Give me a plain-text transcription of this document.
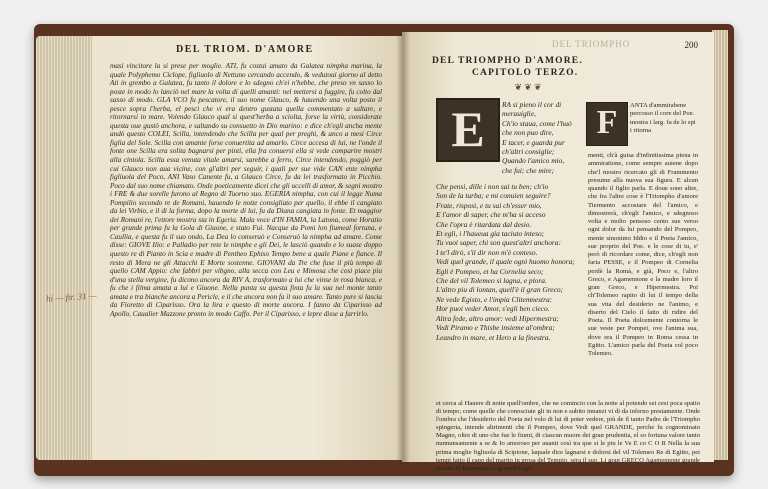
DEL TRIOM. D'AMORE
masi vincitore la si prese per moglie. ATI, fu costui amato da Galatea nimpha marina, la quale Polyphemo Ciclope, figliuolo di Nettuno cercando accendo, & vedutoui giorno al detto Ati in grembo a Galatea, fu tanto il dolore e lo sdegno ch'ei n'hebbe, che preso vn sasso lo poste in modo lo lanciò nel mare la volta di quelli amanti: nel mettersi a fuggire, fu colto dal sasso di modo. GLA VCO fu pescatore, il suo nome Glauco, & hauendo una volta posto il pesce sopra l'herba, el pesci che vi era dentro gustata quella commentato a saltare, e ritornarsi in mare. Volendo Glauco qual si quest'herba a sciolta, forse la virtù, considerate questa oue gustò anchora, e saltando su consuetto in Dio marino: e dice ch'egli ancha mente andò questo COLEI, Scilla, intendendo che Scilla per qual per preghi, & anco a mesi Circe figlia del Sole. Scilla con amante forse conuertita ad amarlo. Circe accesa di lui, ne l'onde il fonte one Scilla era solita bagnarsi per pinti, ella fra conuersi ella si vede comparire mostri alla cintola. Scilla essa venuta vitale amarsi, sarebbe a ferro, Circe intendendo, poggiò per cui Glauco non aua vicine, con gl'altri per seguir, i quali per sue vide CAN ente nimpha figliuola del Poco, ANI Vaso Canente fu, a Glauco Circe, fu da lei trasformato in Picchio. Poco dal suo nome chiamato. Onde poeticamente dicei che gli uccelli di amor, & segni mostro i FRE & due sorelle furono al Regno di Tuorno suo. EGERIA nimpha, con cui il legge Numa Pompilio secondo re de Romani, hauendo le notte consigliato per quello, il ebbe il cangiato da lei Virbio, e il di la forma, dopo la morte di lui, fu da Diana cangiata in fonte. Et maggior dei Romani re, l'ettore mostra sta in Egeria. Mala voce d'IN FAMIA, la Latona, come Horatio per grande prima fu la Gola di Giuone, e stato Fui. Nacque da Pomi lon fiumeal fortuna, e Caullia, e questa fu il suo ondo, La Dea lo conseruò e Conseruò la nimpha ad amare. Come disse: GIOVE Ilio: e Palladio per rete le nimphe e gli Dei, le lasciò quando e lo suase doppo questo re di Pianto in Scia e madre di Pentheo Ephiso Tempo bene a quale Piane e fiance. Il resto di Mera ne gli Attacchi E Morte sostenne. GIOVANI da Tre che fuse il più tempo di quello CAM Appio: che fabbri per vibgno, alla secca con Leu e Mimosa che cosi piace piu d'una stella vergine, fu dicono ancora da RIV A, trasformato a lui che vinse in rosa bianca, e fu che i filma amata a lui e Giuone. Nella punta su questa finta fu la sua nel monte tanto amata e tra bianche ancora a Pericle, e il che ancora non fa il suo amare. Tanto pure si lascia da Fioretto di Ciparisso. Ora la lira e questo di morte ancora. I fanno da Ciparisso ad Apollo, Caualier Mazzone pronto in modo Caffo. Per il Ciparisso, e lepre disse a farrirlo.
hi — ftr. 31 —
DEL TRIOMPHO	200
DEL TRIOMPHO D'AMORE.
CAPITOLO TERZO.
❦ ❦ ❦
E	RA si pieno il cor di
merauiglie,
Ch'io staua, come l'huó
che non puo dire,
E tacer, e guarda pur
ch'altri consiglie;
Quando l'amico mio,
che fui; che mire;
F	ANTA d'ammirabene percosso il core del Poe. mostra i larg. fa de lo spi i ritorna
menti, ch'à guisa d'infinitissima piena in ammiratione, come sempre auiene dopo che'l mostro ricercato gli di Frammento presume alla nuova sua figura. E alcun quando il figlio parla. E doue sono altre, che fra l'altre cose è l'Triompho d'amore Tiermento accostare del l'amico, e dimostrerà, ch'egli l'amico, e sdegnoso volta e molto pensoso cento sue verso ogni dolor da lui pensando del Pompeo, mente sinonimo Iddio e il Poeta l'amico, sue proprio del Poe. e le cose di tu, e' però di ricordare come, dice, ch'egli non faria PESSE, e il Pompeo di Cornelia perdè la Romà, e già, Poco e, l'altro Greco, e Agamennone e la madre loro il gran Greco, e Hipermestra. Poi ch'Tolemeo rapito di lui il tempo della sua vita del desiderio ne l'animo, e diserto del Cielo il fatto di ridire del Poeta. Il Poeta dolcemente contorna le sue veste per Pompei, ove l'anima sua, dove era il Pompeo in Roma cessa in Egitto. L'amico parla del Poeta col poco Tolemeo.
Che pensi, dille i non sai tu ben; ch'io
Son de la turba; e mi conuien seguire?
Frate, risposi, e tu sai ch'esser mio,
E l'amor di saper, che m'ha si acceso
Che l'opra è ritardata dal desio.
Et egli, i l'haueua gia taciuto inteso;
Tu vuoi saper, chi son quest'altri anchora:
I te'l dirò, s'il dir non m'è conteso.
Vedi quel grande, il quale ogni huomo honora;
Egli è Pompeo, et ha Cornelia seco;
Che del vil Tolemeo si lagna, e plora.
L'altro piu di lontan, quell'è il gran Greco;
Ne vede Egisto, e l'impia Clitemnestra:
Hor puoi veder Amor, s'egli ben cieco.
Altra fede, altro amor: vedi Hipermestra;
Vedi Piramo e Thisbe insieme al'ombra;
Leandro in mare, et Hero a la finestra.
et cerca al Hauere di notte quell'ombre, che ne comincio con la notte al potendo sei cesi poca spatio di tempo; come quelle che conosciute gli in non e subito innanzi vi di da inferno prestamente. Onde l'ombra che l'desiderio del Poeta nel volo di lui di poter vedere, più de il tanto Padre de l'Triompho spingeria, intende altrimenti che il Pompeo, dove Vedi quel GRANDE, perche fu cognominato Magno, oltre di uno che fue le fiumi, di ciascun muore dei gran prudentia, el so fortuna valore tanto nunnunsamente a se & Io amoroso per auanti così tra que si le piu le Ve E co C O R Nella la sua prima moglie figliuola di Scipione, laquale dice lagnarsi e dolorsi del vil Tolemeo Re di Egitto, pei tempi fatto il capo del marito in prosa del Tempio, sera il suo. Li gran GRECO Agamennone grande perche fu Imperatore e general Capi-
